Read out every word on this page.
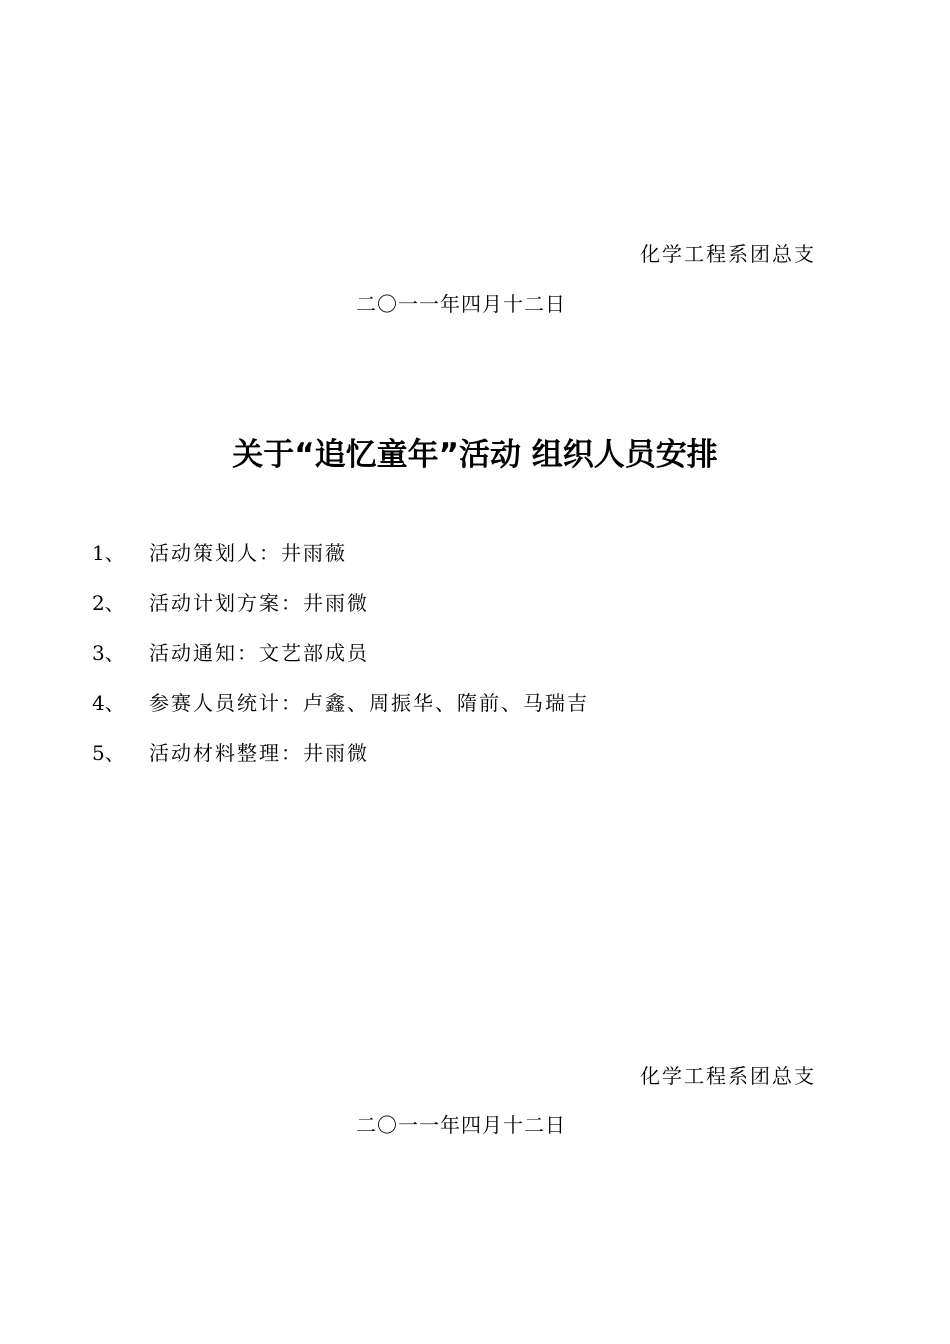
化学工程系团总支
二〇一一年四月十二日
关于“追忆童年”活动 组织人员安排
1、	活动策划人：井雨薇
2、	活动计划方案：井雨微
3、	活动通知：文艺部成员
4、	参赛人员统计：卢鑫、周振华、隋前、马瑞吉
5、	活动材料整理：井雨微
化学工程系团总支
二〇一一年四月十二日
